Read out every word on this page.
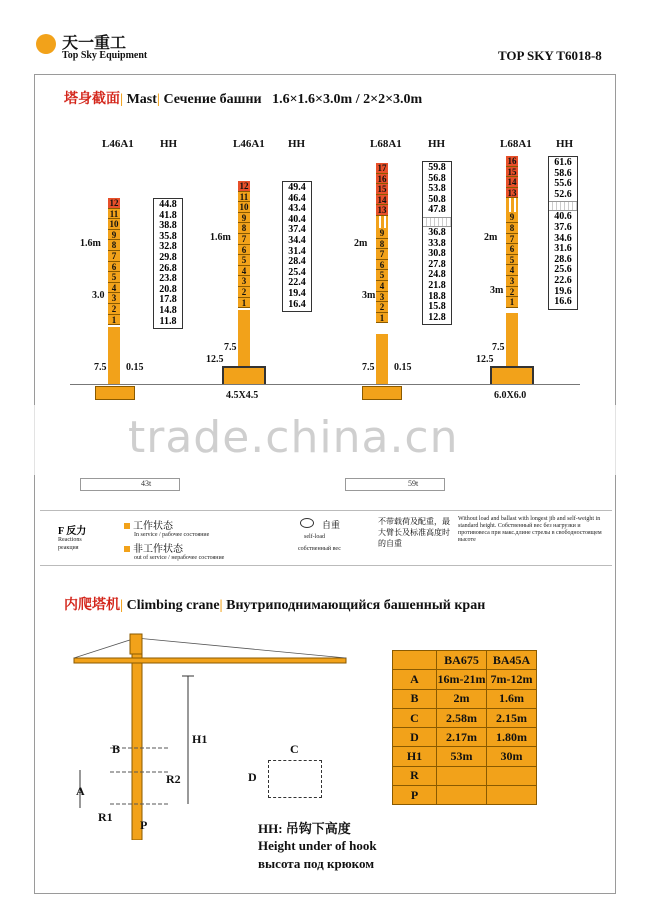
天一重工
Top Sky Equipment	TOP SKY T6018-8
塔身截面| Mast| Сечение башни 1.6×1.6×3.0m / 2×2×3.0m
L46A1 HH	L46A1 HH	L68A1 HH	L68A1 HH
12
11
10
9
8
7
6
5
4
3
2
1
44.8
41.8
38.8
35.8
32.8
29.8
26.8
23.8
20.8
17.8
14.8
11.8
1.6m
3.0
7.5 0.15
12
11
10
9
8
7
6
5
4
3
2
1
49.4
46.4
43.4
40.4
37.4
34.4
31.4
28.4
25.4
22.4
19.4
16.4
1.6m
7.5
12.5
4.5X4.5
17
16
15
14
13
9
8
7
6
5
4
3
2
1
59.8
56.8
53.8
50.8
47.8
36.8
33.8
30.8
27.8
24.8
21.8
18.8
15.8
12.8
2m
3m
7.5 0.15
16
15
14
13
9
8
7
6
5
4
3
2
1
61.6
58.6
55.6
52.6
40.6
37.6
34.6
31.6
28.6
25.6
22.6
19.6
16.6
2m
3m
7.5
12.5
6.0X6.0
trade.china.cn
43t	59t
F 反力
Reactions
реакция
工作状态
In service / рабочее состояние
非工作状态
out of service / нерабочее состояние
自重
self-load
собственный вес
不带载荷及配重，最大臂长及标准高度时的自重
Without load and ballast with longest jib and self-weight in standard height. Собственный вес без нагрузки и противовеса при макс.длине стрелы в свободностоящем высоте
内爬塔机| Climbing crane| Внутриподнимающийся башенный кран
B
H1
R2
A
R1
P
C
D
HH: 吊钩下高度
Height under of hook
высота под крюком
	BA675	BA45A
A	16m-21m	7m-12m
B	2m	1.6m
C	2.58m	2.15m
D	2.17m	1.80m
H1	53m	30m
R		
P		
